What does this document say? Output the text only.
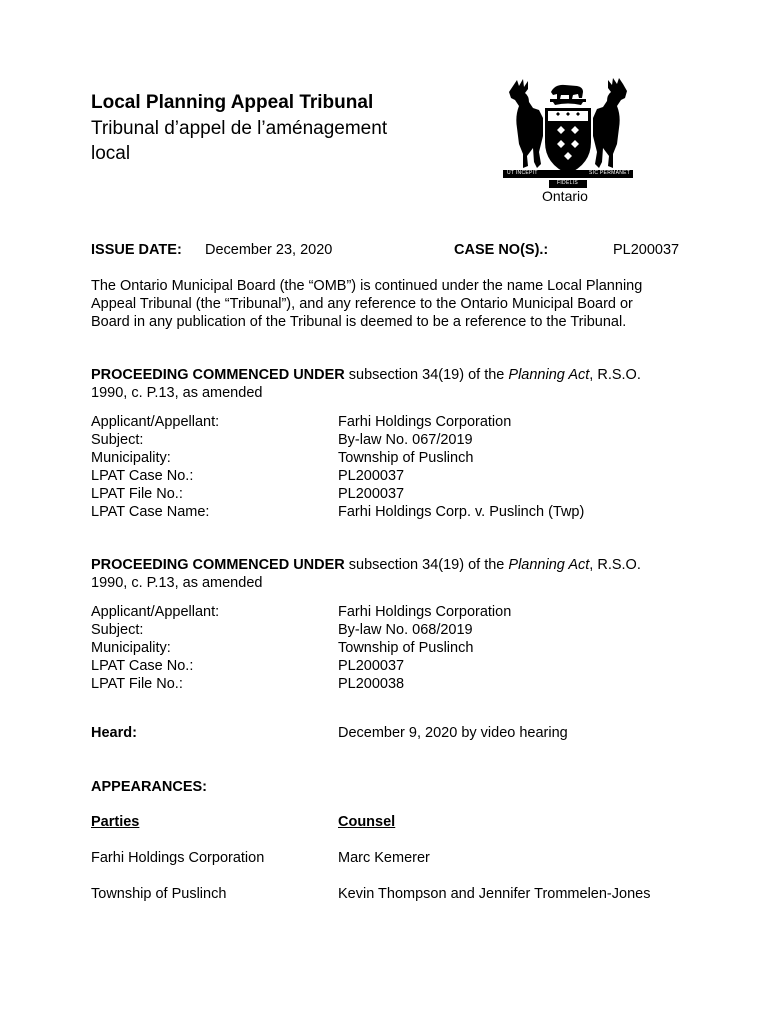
Local Planning Appeal Tribunal
Tribunal d’appel de l’aménagement
local
UT INCEPIT	SIC PERMANET
FIDELIS
Ontario
ISSUE DATE: December 23, 2020	CASE NO(S).:	PL200037
The Ontario Municipal Board (the “OMB”) is continued under the name Local Planning
Appeal Tribunal (the “Tribunal”), and any reference to the Ontario Municipal Board or
Board in any publication of the Tribunal is deemed to be a reference to the Tribunal.
PROCEEDING COMMENCED UNDER subsection 34(19) of the Planning Act, R.S.O.
1990, c. P.13, as amended
Applicant/Appellant:	Farhi Holdings Corporation
Subject:	By-law No. 067/2019
Municipality:	Township of Puslinch
LPAT Case No.:	PL200037
LPAT File No.:	PL200037
LPAT Case Name:	Farhi Holdings Corp. v. Puslinch (Twp)
PROCEEDING COMMENCED UNDER subsection 34(19) of the Planning Act, R.S.O.
1990, c. P.13, as amended
Applicant/Appellant:	Farhi Holdings Corporation
Subject:	By-law No. 068/2019
Municipality:	Township of Puslinch
LPAT Case No.:	PL200037
LPAT File No.:	PL200038
Heard:	December 9, 2020 by video hearing
APPEARANCES:
Parties	Counsel
Farhi Holdings Corporation	Marc Kemerer
Township of Puslinch	Kevin Thompson and Jennifer Trommelen-Jones
